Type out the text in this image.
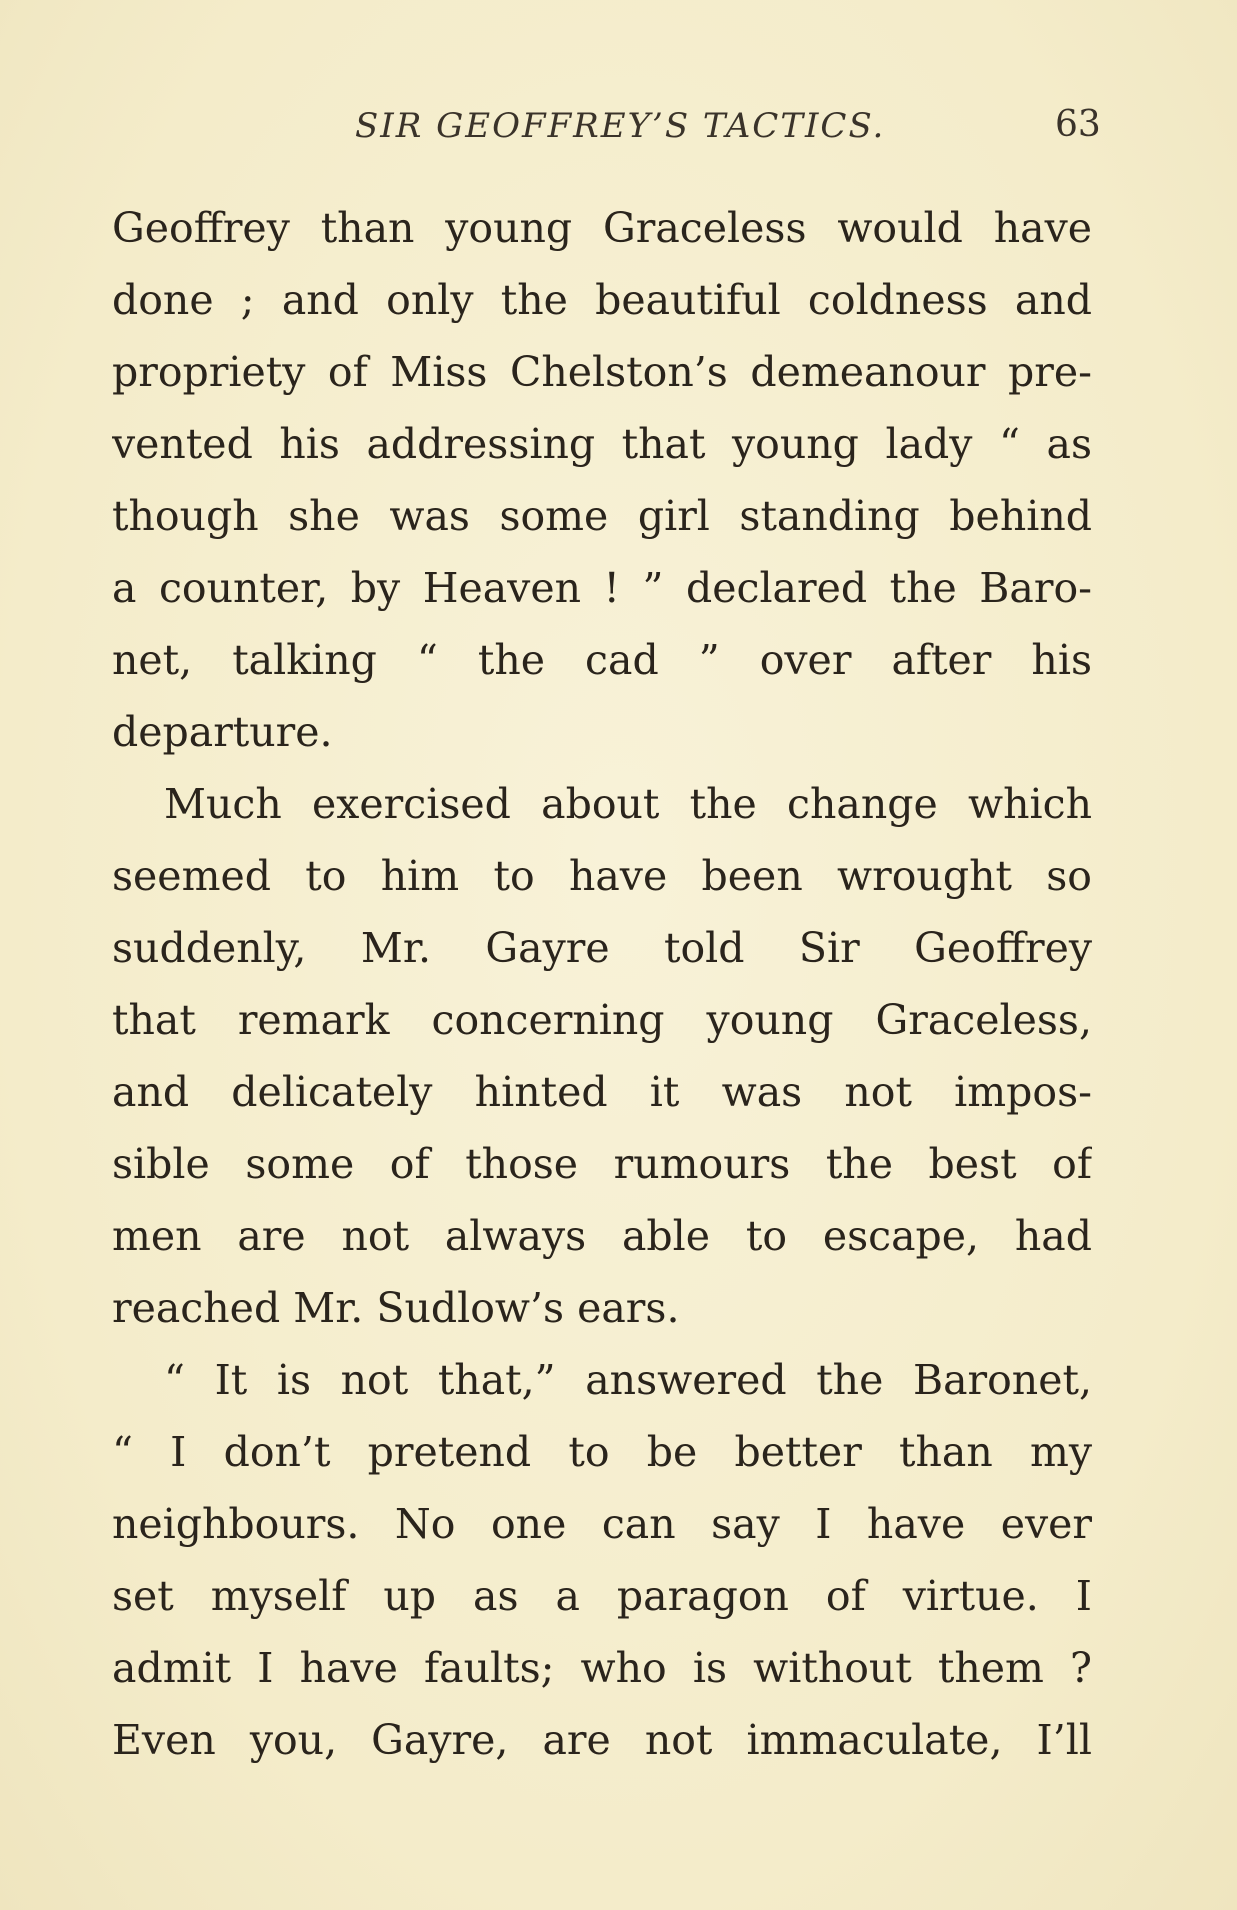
SIR GEOFFREY’S TACTICS.	63
Geoffrey than young Graceless would have
done ; and only the beautiful coldness and
propriety of Miss Chelston’s demeanour pre-
vented his addressing that young lady “ as
though she was some girl standing behind
a counter, by Heaven ! ” declared the Baro-
net, talking “ the cad ” over after his
departure.
Much exercised about the change which
seemed to him to have been wrought so
suddenly, Mr. Gayre told Sir Geoffrey
that remark concerning young Graceless,
and delicately hinted it was not impos-
sible some of those rumours the best of
men are not always able to escape, had
reached Mr. Sudlow’s ears.
“ It is not that,” answered the Baronet,
“ I don’t pretend to be better than my
neighbours. No one can say I have ever
set myself up as a paragon of virtue. I
admit I have faults; who is without them ?
Even you, Gayre, are not immaculate, I’ll
